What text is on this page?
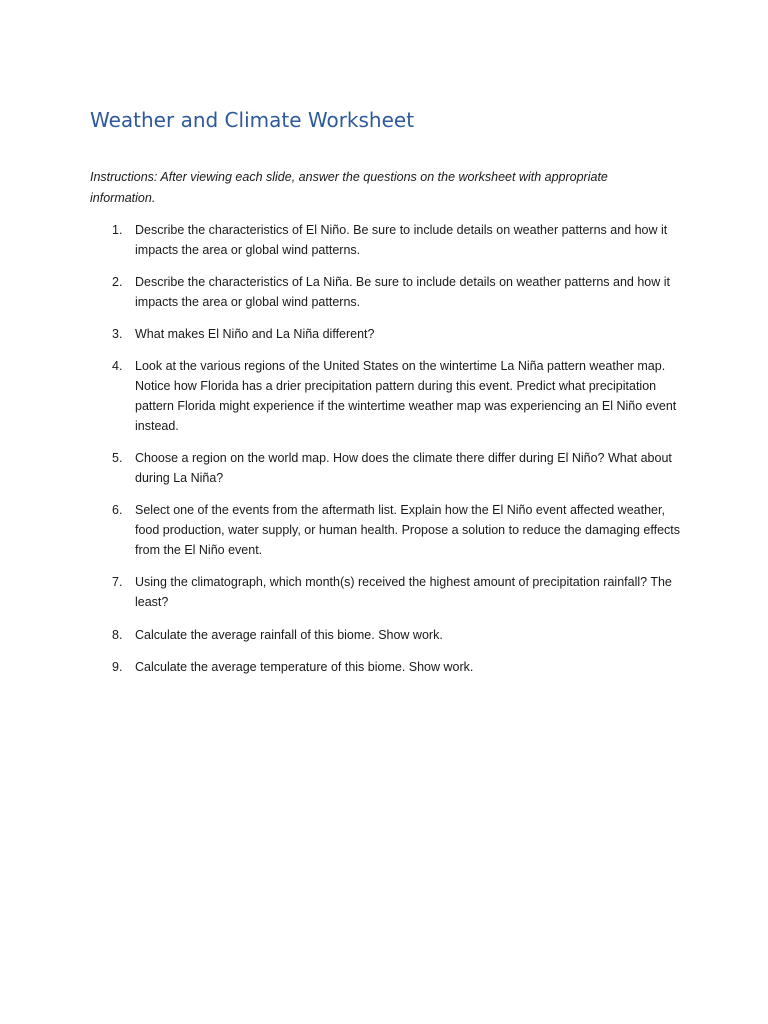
Weather and Climate Worksheet

Instructions: After viewing each slide, answer the questions on the worksheet with appropriate information.

1. Describe the characteristics of El Niño. Be sure to include details on weather patterns and how it impacts the area or global wind patterns.
2. Describe the characteristics of La Niña. Be sure to include details on weather patterns and how it impacts the area or global wind patterns.
3. What makes El Niño and La Niña different?
4. Look at the various regions of the United States on the wintertime La Niña pattern weather map. Notice how Florida has a drier precipitation pattern during this event. Predict what precipitation pattern Florida might experience if the wintertime weather map was experiencing an El Niño event instead.
5. Choose a region on the world map. How does the climate there differ during El Niño? What about during La Niña?
6. Select one of the events from the aftermath list. Explain how the El Niño event affected weather, food production, water supply, or human health. Propose a solution to reduce the damaging effects from the El Niño event.
7. Using the climatograph, which month(s) received the highest amount of precipitation rainfall? The least?
8. Calculate the average rainfall of this biome. Show work.
9. Calculate the average temperature of this biome. Show work.
